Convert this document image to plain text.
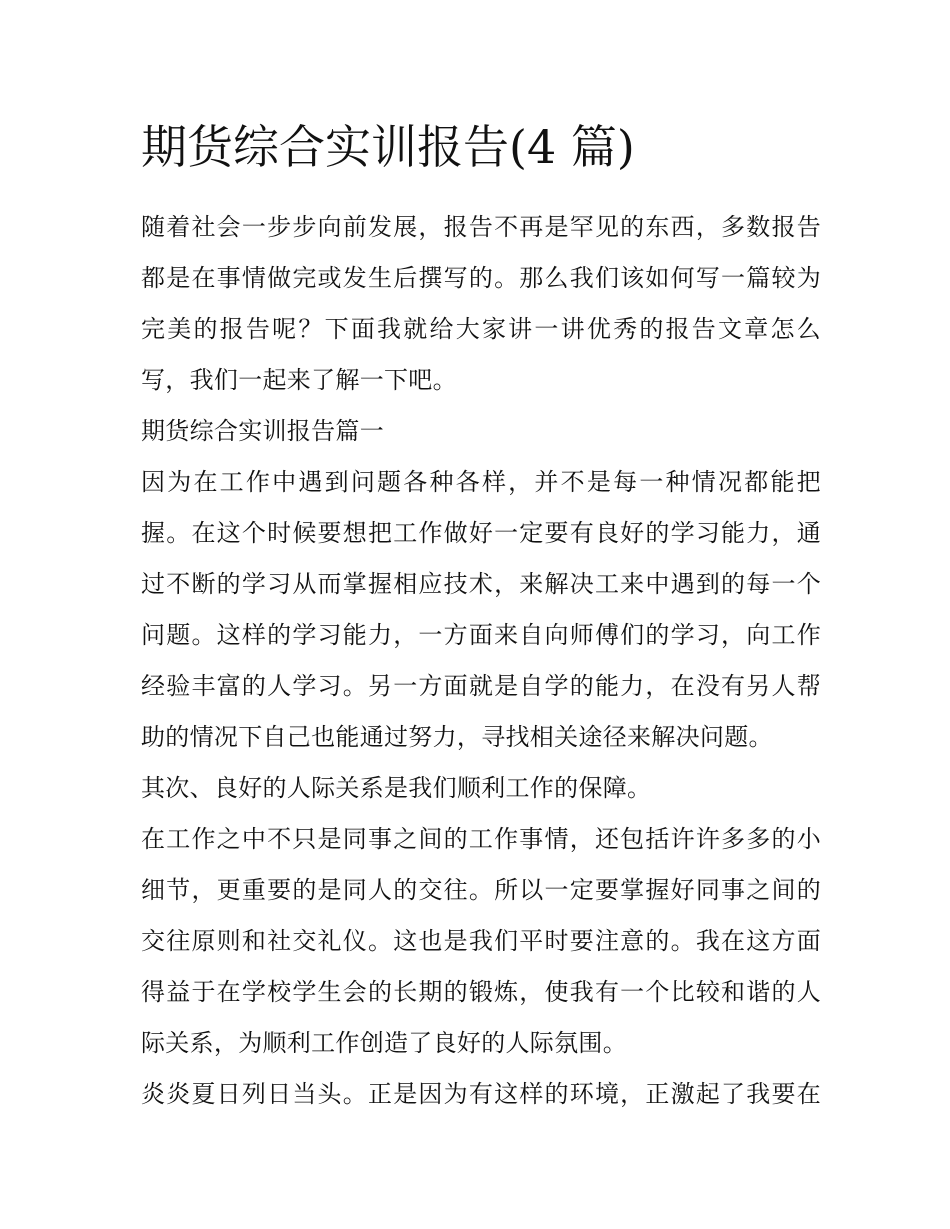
期货综合实训报告(4 篇)
随着社会一步步向前发展，报告不再是罕见的东西，多数报告
都是在事情做完或发生后撰写的。那么我们该如何写一篇较为
完美的报告呢？下面我就给大家讲一讲优秀的报告文章怎么
写，我们一起来了解一下吧。
期货综合实训报告篇一
因为在工作中遇到问题各种各样，并不是每一种情况都能把
握。在这个时候要想把工作做好一定要有良好的学习能力，通
过不断的学习从而掌握相应技术，来解决工来中遇到的每一个
问题。这样的学习能力，一方面来自向师傅们的学习，向工作
经验丰富的人学习。另一方面就是自学的能力，在没有另人帮
助的情况下自己也能通过努力，寻找相关途径来解决问题。
其次、良好的人际关系是我们顺利工作的保障。
在工作之中不只是同事之间的工作事情，还包括许许多多的小
细节，更重要的是同人的交往。所以一定要掌握好同事之间的
交往原则和社交礼仪。这也是我们平时要注意的。我在这方面
得益于在学校学生会的长期的锻炼，使我有一个比较和谐的人
际关系，为顺利工作创造了良好的人际氛围。
炎炎夏日列日当头。正是因为有这样的环境，正激起了我要在
